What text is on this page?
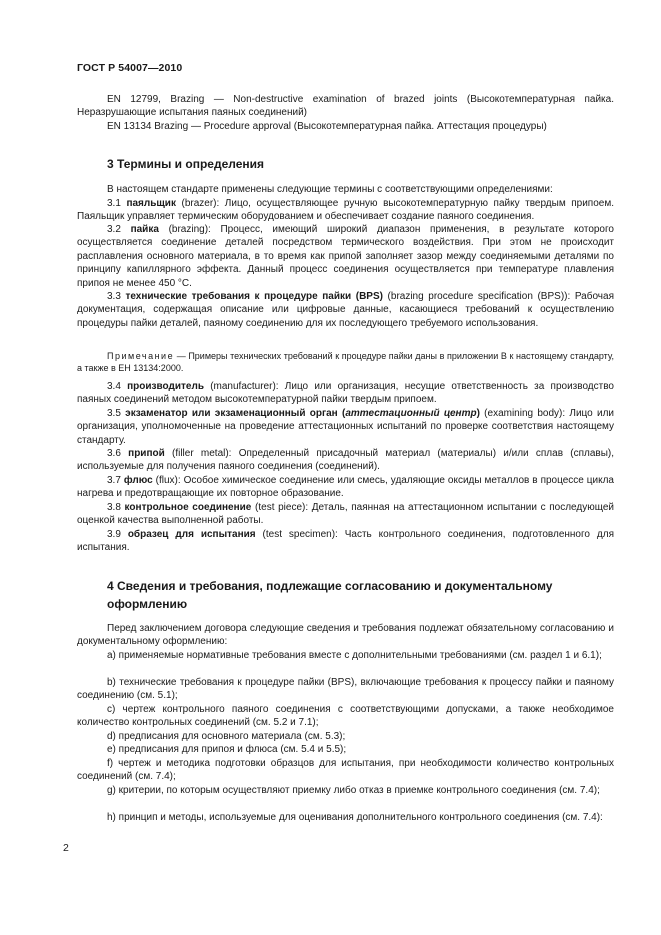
ГОСТ Р 54007—2010

EN 12799, Brazing — Non-destructive examination of brazed joints (Высокотемпературная пайка. Неразрушающие испытания паяных соединений)

EN 13134 Brazing — Procedure approval (Высокотемпературная пайка. Аттестация процедуры)

3 Термины и определения

В настоящем стандарте применены следующие термины с соответствующими определениями:

3.1 паяльщик (brazer): Лицо, осуществляющее ручную высокотемпературную пайку твердым припоем. Паяльщик управляет термическим оборудованием и обеспечивает создание паяного соединения.

3.2 пайка (brazing): Процесс, имеющий широкий диапазон применения, в результате которого осуществляется соединение деталей посредством термического воздействия. При этом не происходит расплавления основного материала, в то время как припой заполняет зазор между соединяемыми деталями по принципу капиллярного эффекта. Данный процесс соединения осуществляется при температуре плавления припоя не менее 450 °С.

3.3 технические требования к процедуре пайки (BPS) (brazing procedure specification (BPS)): Рабочая документация, содержащая описание или цифровые данные, касающиеся требований к осуществлению процедуры пайки деталей, паяному соединению для их последующего требуемого использования.

Примечание — Примеры технических требований к процедуре пайки даны в приложении В к настоящему стандарту, а также в ЕН 13134:2000.

3.4 производитель (manufacturer): Лицо или организация, несущие ответственность за производство паяных соединений методом высокотемпературной пайки твердым припоем.

3.5 экзаменатор или экзаменационный орган (аттестационный центр) (examining body): Лицо или организация, уполномоченные на проведение аттестационных испытаний по проверке соответствия настоящему стандарту.

3.6 припой (filler metal): Определенный присадочный материал (материалы) и/или сплав (сплавы), используемые для получения паяного соединения (соединений).

3.7 флюс (flux): Особое химическое соединение или смесь, удаляющие оксиды металлов в процессе цикла нагрева и предотвращающие их повторное образование.

3.8 контрольное соединение (test piece): Деталь, паянная на аттестационном испытании с последующей оценкой качества выполненной работы.

3.9 образец для испытания (test specimen): Часть контрольного соединения, подготовленного для испытания.

4 Сведения и требования, подлежащие согласованию и документальному оформлению

Перед заключением договора следующие сведения и требования подлежат обязательному согласованию и документальному оформлению:

a) применяемые нормативные требования вместе с дополнительными требованиями (см. раздел 1 и 6.1);

b) технические требования к процедуре пайки (BPS), включающие требования к процессу пайки и паяному соединению (см. 5.1);

c) чертеж контрольного паяного соединения с соответствующими допусками, а также необходимое количество контрольных соединений (см. 5.2 и 7.1);

d) предписания для основного материала (см. 5.3);

e) предписания для припоя и флюса (см. 5.4 и 5.5);

f) чертеж и методика подготовки образцов для испытания, при необходимости количество контрольных соединений (см. 7.4);

g) критерии, по которым осуществляют приемку либо отказ в приемке контрольного соединения (см. 7.4);

h) принцип и методы, используемые для оценивания дополнительного контрольного соединения (см. 7.4):

2
